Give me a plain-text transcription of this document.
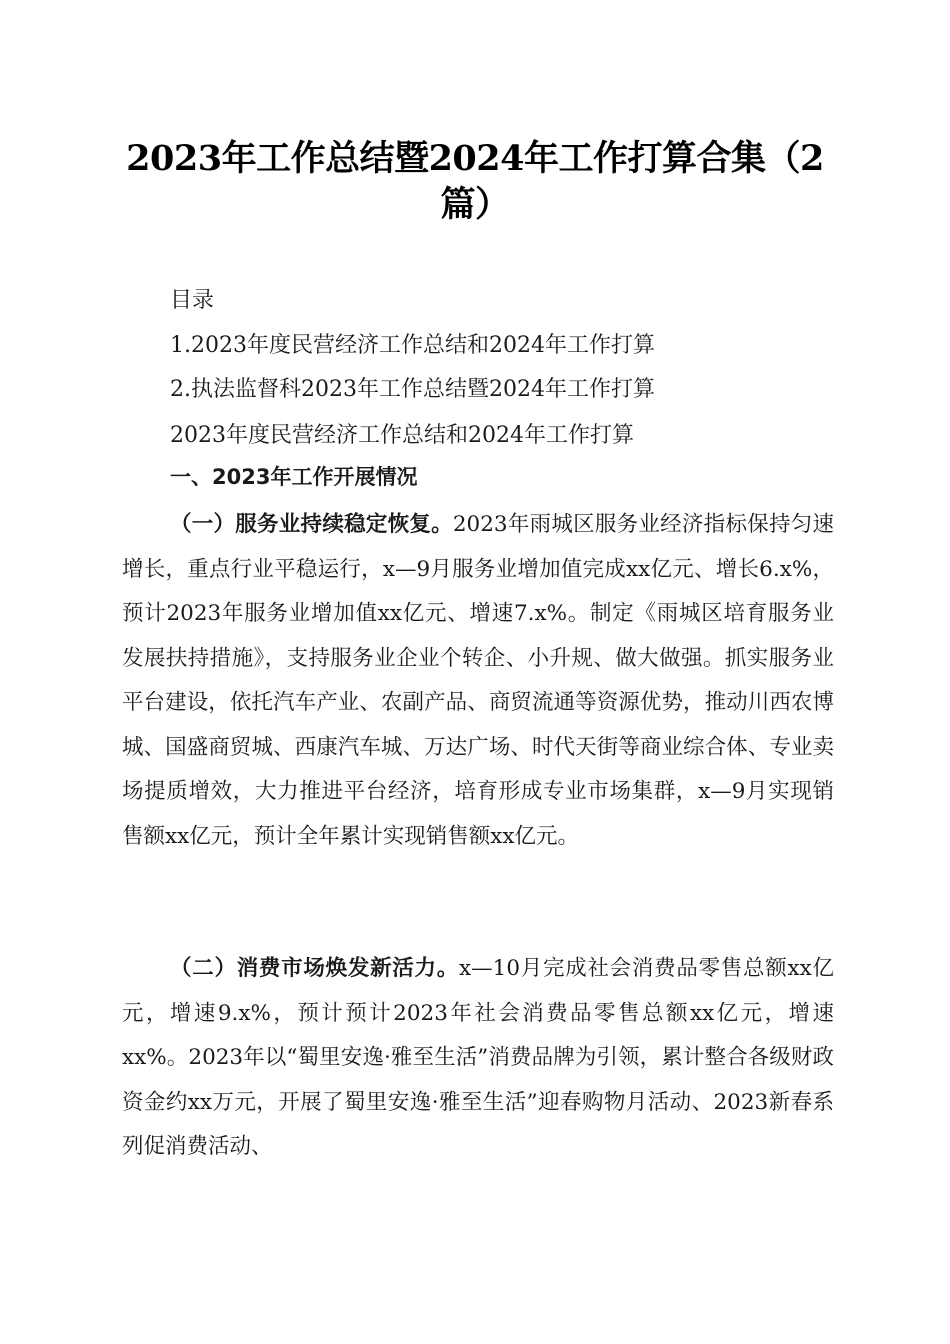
2023年工作总结暨2024年工作打算合集（2篇）
目录
1.2023年度民营经济工作总结和2024年工作打算
2.执法监督科2023年工作总结暨2024年工作打算
2023年度民营经济工作总结和2024年工作打算
一、2023年工作开展情况
（一）服务业持续稳定恢复。2023年雨城区服务业经济指标保持匀速增长，重点行业平稳运行，x—9月服务业增加值完成xx亿元、增长6.x%，预计2023年服务业增加值xx亿元、增速7.x%。制定《雨城区培育服务业发展扶持措施》，支持服务业企业个转企、小升规、做大做强。抓实服务业平台建设，依托汽车产业、农副产品、商贸流通等资源优势，推动川西农博城、国盛商贸城、西康汽车城、万达广场、时代天街等商业综合体、专业卖场提质增效，大力推进平台经济，培育形成专业市场集群，x—9月实现销售额xx亿元，预计全年累计实现销售额xx亿元。
（二）消费市场焕发新活力。x—10月完成社会消费品零售总额xx亿元，增速9.x%，预计预计2023年社会消费品零售总额xx亿元，增速xx%。2023年以“蜀里安逸·雅至生活”消费品牌为引领，累计整合各级财政资金约xx万元，开展了蜀里安逸·雅至生活”迎春购物月活动、2023新春系列促消费活动、
